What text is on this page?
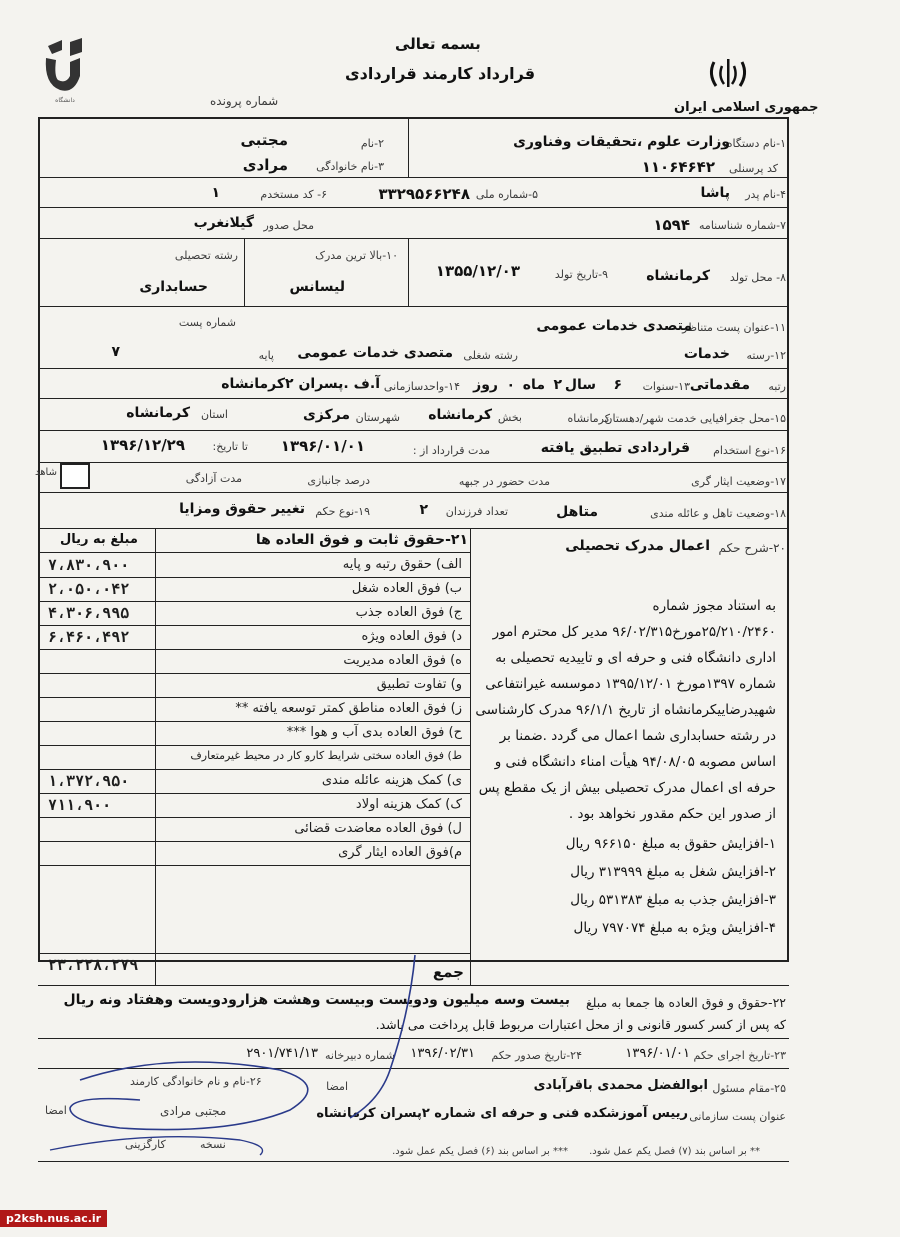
بسمه تعالی
قرارداد کارمند قراردادی
شماره پرونده	جمهوری اسلامی ایران
دانشگاه
۱-نام دستگاه:
وزارت علوم ،تحقیقات وفناوری
کد پرسنلی
۱۱۰۶۴۶۴۲
۲-نام
مجتبی
۳-نام خانوادگی
مرادی
۴-نام پدر
پاشا
۵-شماره ملی
۳۳۲۹۵۶۶۲۴۸
۶- کد مستخدم
۱
۷-شماره شناسنامه
۱۵۹۴
محل صدور
گیلانغرب
۸- محل تولد
کرمانشاه
۹-تاریخ تولد
۱۳۵۵/۱۲/۰۳
۱۰-بالا ترین مدرک
لیسانس
رشته تحصیلی
حسابداری
۱۱-عنوان پست متناظر
متصدی خدمات عمومی
شماره پست
۱۲-رسته
خدمات
رشته شغلی
متصدی خدمات عمومی
پایه
۷
رتبه
مقدماتی
۱۳-سنوات
۶
سال
۲
ماه
۰
روز
۱۴-واحدسازمانی
آ.ف .پسران ۲کرمانشاه
۱۵-محل جغرافیایی خدمت شهر/دهستان
کرمانشاه
بخش
کرمانشاه
شهرستان
مرکزی
استان
کرمانشاه
۱۶-نوع استخدام
قراردادی تطبیق یافته
مدت قرارداد از :
۱۳۹۶/۰۱/۰۱
تا تاریخ:
۱۳۹۶/۱۲/۲۹
۱۷-وضعیت ایثار گری
مدت حضور در جبهه
درصد جانبازی
مدت آزادگی
شاهد
۱۸-وضعیت تاهل و عائله مندی
متاهل
تعداد فرزندان
۲
۱۹-نوع حکم
تغییر حقوق ومزایا
۲۱-حقوق ثابت و فوق العاده ها
مبلغ به ریال
الف) حقوق رتبه و پایه
۷،۸۳۰،۹۰۰
ب) فوق العاده شغل
۲،۰۵۰،۰۴۲
ج) فوق العاده جذب
۴،۳۰۶،۹۹۵
د) فوق العاده ویژه
۶،۴۶۰،۴۹۲
ه) فوق العاده مدیریت
و) تفاوت تطبیق
ز) فوق العاده مناطق کمتر توسعه یافته **
ح) فوق العاده بدی آب و هوا ***
ط) فوق العاده سختی شرایط کارو کار در محیط غیرمتعارف
ی) کمک هزینه عائله مندی
۱،۳۷۲،۹۵۰
ک) کمک هزینه اولاد
۷۱۱،۹۰۰
ل) فوق العاده معاضدت قضائی
م)فوق العاده ایثار گری
جمع
۲۳،۲۲۸،۲۷۹
۲۰-شرح حکم
اعمال مدرک تحصیلی
به استناد مجوز شماره
۲۵/۲۱۰/۲۴۶۰مورخ۹۶/۰۲/۳۱۵ مدیر کل محترم امور
اداری دانشگاه فنی و حرفه ای و تاییدیه تحصیلی به
شماره ۱۳۹۷مورخ ۱۳۹۵/۱۲/۰۱ دموسسه غیرانتفاعی
شهیدرضاییکرمانشاه از تاریخ ۹۶/۱/۱ مدرک کارشناسی
در رشته حسابداری شما اعمال می گردد .ضمنا بر
اساس مصوبه ۹۴/۰۸/۰۵ هیأت امناء دانشگاه فنی و
حرفه ای اعمال مدرک تحصیلی بیش از یک مقطع پس
از صدور این حکم مقدور نخواهد بود .
۱-افزایش حقوق به مبلغ ۹۶۶۱۵۰ ریال
۲-افزایش شغل به مبلغ ۳۱۳۹۹۹ ریال
۳-افزایش جذب به مبلغ ۵۳۱۳۸۳ ریال
۴-افزایش ویژه به مبلغ ۷۹۷۰۷۴ ریال
۲۲-حقوق و فوق العاده ها جمعا به مبلغ
بیست وسه میلیون ودویست وبیست وهشت هزارودویست وهفتاد ونه ریال
که پس از کسر کسور قانونی و از محل اعتبارات مربوط قابل پرداخت می باشد.
۲۳-تاریخ اجرای حکم
۱۳۹۶/۰۱/۰۱
۲۴-تاریخ صدور حکم
۱۳۹۶/۰۲/۳۱
شماره دبیرخانه
۲۹۰۱/۷۴۱/۱۳
۲۵-مقام مسئول
ابوالفضل محمدی باقرآبادی
عنوان پست سازمانی
رییس آموزشکده فنی و حرفه ای شماره ۲پسران کرمانشاه
امضا
۲۶-نام و نام خانوادگی کارمند
مجتبی مرادی
امضا
نسخه
کارگزینی
** بر اساس بند (۷) فصل یکم عمل شود.
*** بر اساس بند (۶) فصل یکم عمل شود.
p2ksh.nus.ac.ir
